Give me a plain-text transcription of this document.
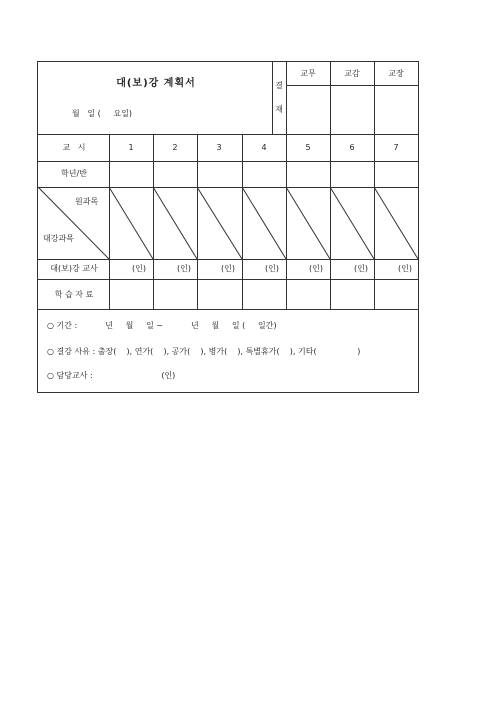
대(보)강 계획서
월   일 (     요일)
결
재
교무	교감	교장
교   시	1	2	3	4	5	6	7
학년/반
원과목
대강과목
대(보)강 교사	(인)	(인)	(인)	(인)	(인)	(인)	(인)
학 습 자 료
○ 기간 :           년     월     일 ~           년     월     일 (     일간)
○ 결강 사유 : 출장(    ), 연가(    ), 공가(    ), 병가(    ), 특별휴가(    ), 기타(                )
○ 담당교사 :                           (인)
